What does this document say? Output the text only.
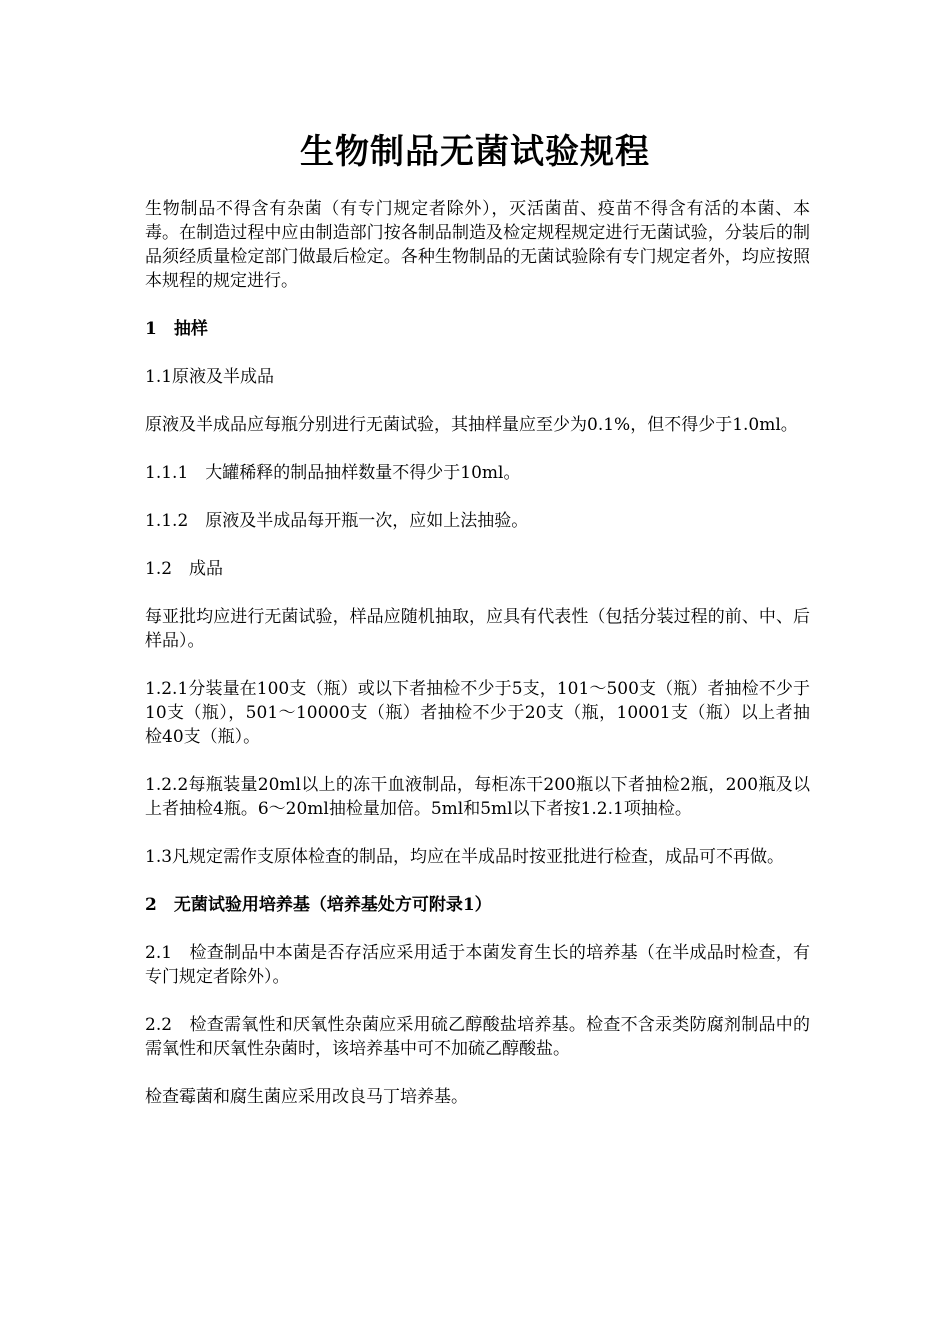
生物制品无菌试验规程

生物制品不得含有杂菌（有专门规定者除外），灭活菌苗、疫苗不得含有活的本菌、本毒。在制造过程中应由制造部门按各制品制造及检定规程规定进行无菌试验，分装后的制品须经质量检定部门做最后检定。各种生物制品的无菌试验除有专门规定者外，均应按照本规程的规定进行。

1　抽样

1.1原液及半成品

原液及半成品应每瓶分别进行无菌试验，其抽样量应至少为0.1%，但不得少于1.0ml。

1.1.1　大罐稀释的制品抽样数量不得少于10ml。

1.1.2　原液及半成品每开瓶一次，应如上法抽验。

1.2　成品

每亚批均应进行无菌试验，样品应随机抽取，应具有代表性（包括分装过程的前、中、后样品）。

1.2.1分装量在100支（瓶）或以下者抽检不少于5支，101～500支（瓶）者抽检不少于10支（瓶），501～10000支（瓶）者抽检不少于20支（瓶，10001支（瓶）以上者抽检40支（瓶）。

1.2.2每瓶装量20ml以上的冻干血液制品，每柜冻干200瓶以下者抽检2瓶，200瓶及以上者抽检4瓶。6～20ml抽检量加倍。5ml和5ml以下者按1.2.1项抽检。

1.3凡规定需作支原体检查的制品，均应在半成品时按亚批进行检查，成品可不再做。

2　无菌试验用培养基（培养基处方可附录1）

2.1　检查制品中本菌是否存活应采用适于本菌发育生长的培养基（在半成品时检查，有专门规定者除外）。

2.2　检查需氧性和厌氧性杂菌应采用硫乙醇酸盐培养基。检查不含汞类防腐剂制品中的需氧性和厌氧性杂菌时，该培养基中可不加硫乙醇酸盐。

检查霉菌和腐生菌应采用改良马丁培养基。
